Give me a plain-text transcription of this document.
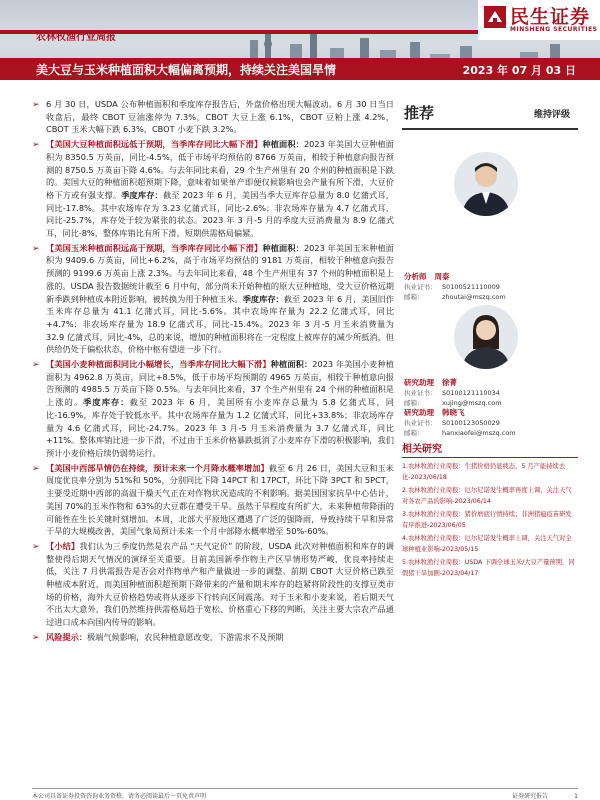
农林牧渔行业周报
民生证券
MINSHENG SECURITIES
美大豆与玉米种植面积大幅偏离预期，持续关注美国旱情	2023 年 07 月 03 日
➢ 6 月 30 日，USDA 公布种植面积和季度库存报告后，外盘价格出现大幅波动。6 月 30 日当日收盘后，最终 CBOT 豆油涨停为 7.3%，CBOT 大豆上涨 6.1%，CBOT 豆粕上涨 4.2%，CBOT 玉米大幅下跌 6.3%，CBOT 小麦下跌 3.2%。
➢ 【美国大豆种植面积远低于预期，当季库存同比大幅下滑】种植面积：2023 年美国大豆种植面积为 8350.5 万英亩，同比-4.5%，低于市场平均预估的 8766 万英亩，相较于种植意向报告预测的 8750.5 万英亩下降 4.6%。与去年同比来看，29 个生产州里有 20 个州的种植面积是下跌的。美国大豆的种植面积超预期下降，意味着如果单产即便仅候影响也会产量有所下滑，大豆价格下方或有强支撑。季度库存：截至 2023 年 6 月，美国当季大豆库存总量为 8.0 亿蒲式耳，同比-17.8%。其中农场库存为 3.23 亿蒲式耳，同比-2.6%；非农场库存量为 4.7 亿蒲式耳，同比-25.7%，库存处于较为紧张的状态。2023 年 3 月-5 月的季度大豆消费量为 8.9 亿蒲式耳，同比-8%，整体库销比有所下滑，短期供需格局偏紧。
➢ 【美国玉米种植面积远高于预期，当季库存同比小幅下滑】种植面积：2023 年美国玉米种植面积为 9409.6 万英亩，同比+6.2%，高于市场平均预估的 9181 万英亩，相较于种植意向报告预测的 9199.6 万英亩上涨 2.3%。与去年同比来看，48 个生产州里有 37 个州的种植面积是上涨的。USDA 报告数据统计截至 6 月中旬，部分尚未开始种植的原大豆种植地，受大豆价格远期新季跌到种植成本附近影响，被转换为用于种植玉米。季度库存：截至 2023 年 6 月，美国旧作玉米库存总量为 41.1 亿蒲式耳，同比-5.6%。其中农场库存量为 22.2 亿蒲式耳，同比+4.7%；非农场库存量为 18.9 亿蒲式耳，同比-15.4%。2023 年 3 月-5 月玉米消费量为 32.9 亿蒲式耳，同比-4%，总的来说，增加的种植面积将在一定程度上被库存的减少所抵消，但供给仍处于偏松状态，价格中枢有望进一步下行。
➢ 【美国小麦种植面积同比小幅增长，当季库存同比大幅下滑】种植面积：2023 年美国小麦种植面积为 4962.8 万英亩，同比+8.5%，低于市场平均预期的 4965 万英亩，相较于种植意向报告预测的 4985.5 万英亩下降 0.5%。与去年同比来看，37 个生产州里有 24 个州的种植面积是上涨的。季度库存：截至 2023 年 6 月，美国所有小麦库存总量为 5.8 亿蒲式耳，同比-16.9%，库存处于较低水平。其中农场库存量为 1.2 亿蒲式耳，同比+33.8%；非农场库存量为 4.6 亿蒲式耳，同比-24.7%。2023 年 3 月-5 月玉米消费量为 3.7 亿蒲式耳，同比+11%。整体库销比进一步下滑，不过由于玉米价格暴跌抵消了小麦库存下滑的积极影响，我们预计小麦价格后续仍弱势运行。
➢ 【美国中西部旱情仍在持续，预计未来一个月降水概率增加】截至 6 月 26 日，美国大豆和玉米周度优良率分别为 51%和 50%，分别同比下降 14PCT 和 17PCT，环比下降 3PCT 和 5PCT，主要受近期中西部的高温干燥天气正在对作物状况造成的不利影响。据美国国家抗旱中心估计，美国 70%的玉米作物和 63%的大豆都在遭受干旱。虽然干旱程度有所扩大，未来种植带降雨的可能性在生长关键时刻增加。本周，北部大平原地区遭遇了广泛的强降雨，导致持续干旱和异常干旱的大规模改善，美国气象局预计未来一个月中部降水概率增至 50%-60%。
➢ 【小结】我们认为三季度仍然是农产品 “天气定价” 的阶段，USDA 此次对种植面积和库存的调整使得后期天气情况的演绎至关重要。目前美国新季作物主产区旱情形势严峻，优良率持续走低，关注 7 月供需报告是否会对作物单产和产量做进一步的调整。前期 CBOT 大豆价格已跌至种植成本附近，而美国种植面积超预期下降带来的产量和期末库存的趋紧将阶段性的支撑豆类市场的价格，海外大豆价格趋势或将从逐步下行转向区间震荡。对于玉米和小麦来说，若后期天气不出太大意外，我们仍然维持供需格局趋于宽松、价格重心下移的判断，关注主要大宗农产品通过进口成本向国内传导的影响。
➢ 风险提示：极端气候影响，农民种植意愿改变，下游需求不及预期
推荐	维持评级
分析师 周泰
执业证书： S0100521110009
邮箱：	zhoutai@mszq.com
研究助理 徐菁
执业证书： S0100121110034
邮箱：	xujing@mszq.com
研究助理 韩晓飞
执业证书： S0100123050029
邮箱：	hanxiaofei@mszq.com
相关研究
1.农林牧渔行业周报：生猪价格仍显疲态，5 月产能持续去化-2023/06/18
2.农林牧渔行业周报：厄尔尼诺发生概率再度上调，关注天气对各农产品的影响-2023/06/14
3.农林牧渔行业周报：猪价磨底行情持续；非洲猪瘟疫苗研发有序推进-2023/06/05
4.农林牧渔行业周报：厄尔尼诺发生概率上调，关注天气对全球种植业影响-2023/05/15
5.农林牧渔行业周报：USDA 下调全球玉米/大豆产量预期，同假猪干旱加剧-2023/04/17
本公司具备证券投资咨询业务资格，请务必阅读最后一页免责声明	证券研究报告	1
